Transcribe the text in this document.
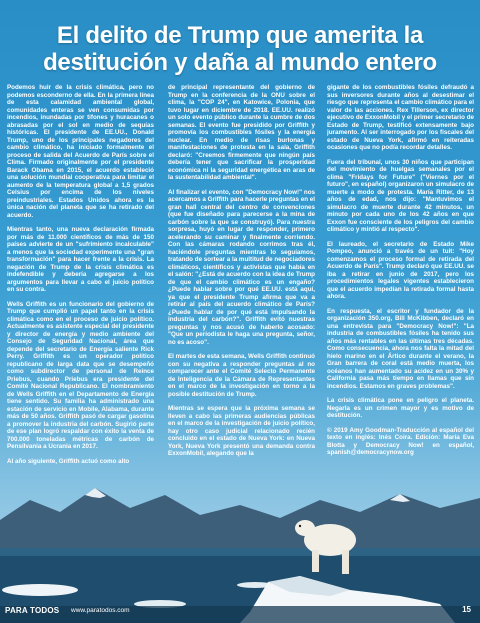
El delito de Trump que amerita la destitución y daña al mundo entero

Podemos huir de la crisis climática, pero no podemos esconderno de ella. En la primera línea de esta calamidad ambiental global, comunidades enteras se ven consumidas por incendios, inundadas por tifones y huracanes o abrasadas por el sol en medio de sequías históricas. El presidente de EE.UU., Donald Trump, uno de los principales negadores del cambio climático, ha iniciado formalmente el proceso de salida del Acuerdo de París sobre el Clima. Firmado originalmente por el presidente Barack Obama en 2015, el acuerdo estableció una solución mundial cooperativa para limitar el aumento de la temperatura global a 1,5 grados Celsius por encima de los niveles preindustriales. Estados Unidos ahora es la única nación del planeta que se ha retirado del acuerdo.

Mientras tanto, una nueva declaración firmada por más de 11.000 científicos de más de 150 países advierte de un "sufrimiento incalculable" a menos que la sociedad experimente una "gran transformación" para hacer frente a la crisis. La negación de Trump de la crisis climática es indefendible y debería agregarse a los argumentos para llevar a cabo el juicio político en su contra.

Wells Griffith es un funcionario del gobierno de Trump que cumplió un papel tanto en la crisis climática como en el proceso de juicio político. Actualmente es asistente especial del presidente y director de energía y medio ambiente del Consejo de Seguridad Nacional, área que depende del secretario de Energía saliente Rick Perry. Griffith es un operador político republicano de larga data que se desempeñó como subdirector de personal de Reince Priebus, cuando Priebus era presidente del Comité Nacional Republicano. El nombramiento de Wells Griffith en el Departamento de Energía tiene sentido. Su familia ha administrado una estación de servicio en Mobile, Alabama, durante más de 50 años. Griffith pasó de cargar gasolina a promover la industria del carbón. Sugirió parte de ese plan logró respaldar con éxito la venta de 700.000 toneladas métricas de carbón de Pensilvania a Ucrania en 2017.

Al año siguiente, Griffith actuó como alto

de principal representante del gobierno de Trump en la conferencia de la ONU sobre el clima, la "COP 24", en Katowice, Polonia, que tuvo lugar en diciembre de 2018. EE.UU. realizó un solo evento público durante la cumbre de dos semanas. El evento fue presidido por Griffith y promovía los combustibles fósiles y la energía nuclear. En medio de risas burlonas y manifestaciones de protesta en la sala, Griffith declaró: "Creemos firmemente que ningún país debería tener que sacrificar la prosperidad económica ni la seguridad energética en aras de la sustentabilidad ambiental".

Al finalizar el evento, con "Democracy Now!" nos acercamos a Griffith para hacerle preguntas en el gran hall central del centro de convenciones (que fue diseñado para parecerse a la mina de carbón sobre la que se construyó). Para nuestra sorpresa, huyó en lugar de responder, primero acelerando su caminar y finalmente corriendo. Con las cámaras rodando corrimos tras él, haciéndole preguntas mientras lo seguíamos, tratando de sortear a la multitud de negociadores climáticos, científicos y activistas que había en el salón: "¿Está de acuerdo con la idea de Trump de que el cambio climático es un engaño? ¿Puede hablar sobre por qué EE.UU. está aquí, ya que el presidente Trump afirma que va a retirar al país del acuerdo climático de París? ¿Puede hablar de por qué está impulsando la industria del carbón?". Griffith evitó nuestras preguntas y nos acusó de haberlo acosado: "Que un periodista le haga una pregunta, señor, no es acoso".

El martes de esta semana, Wells Griffith continuó con su negativa a responder preguntas al no comparecer ante el Comité Selecto Permanente de Inteligencia de la Cámara de Representantes en el marco de la investigación en torno a la posible destitución de Trump.

Mientras se espera que la próxima semana se lleven a cabo las primeras audiencias públicas en el marco de la investigación de juicio político, hay otro caso judicial relacionado recién concluido en el estado de Nueva York: en Nueva York, Nueva York presentó una demanda contra ExxonMobil, alegando que la

gigante de los combustibles fósiles defraudó a sus inversores durante años al desestimar el riesgo que representa el cambio climático para el valor de las acciones. Rex Tillerson, ex director ejecutivo de ExxonMobil y el primer secretario de Estado de Trump, testificó extensamente bajo juramento. Al ser interrogado por los fiscales del estado de Nueva York, afirmó en reiteradas ocasiones que no podía recordar detalles.

Fuera del tribunal, unos 30 niños que participan del movimiento de huelgas semanales por el clima "Fridays for Future" ("Viernes por el futuro", en español) organizaron un simulacro de muerte a modo de protesta. María Ritter, de 13 años de edad, nos dijo: "Mantuvimos el simulacro de muerte durante 42 minutos, un minuto por cada uno de los 42 años en que Exxon fue consciente de los peligros del cambio climático y mintió al respecto".

El laureado, el secretario de Estado Mike Pompeo, anunció a través de un tuit: "Hoy comenzamos el proceso formal de retirada del Acuerdo de París". Trump declaró que EE.UU. se iba a retirar en junio de 2017, pero los procedimientos legales vigentes establecieron que el acuerdo impedían la retirada formal hasta ahora.

En respuesta, el escritor y fundador de la organización 350.org, Bill McKibben, declaró en una entrevista para "Democracy Now!": "La industria de combustibles fósiles ha tenido sus años más rentables en las últimas tres décadas. Como consecuencia, ahora nos falta la mitad del hielo marino en el Ártico durante el verano, la Gran barrera de coral está medio muerta, los océanos han aumentado su acidez en un 30% y California pasa más tiempo en llamas que sin incendios. Estamos en graves problemas".

La crisis climática pone en peligro el planeta. Negarla es un crimen mayor y es motivo de destitución.

© 2019 Amy Goodman-Traducción al español del texto en inglés: Inés Coira. Edición: María Eva Blotta y Democracy Now! en español, spanish@democracynow.org

PARA TODOS www.paratodos.com	15
